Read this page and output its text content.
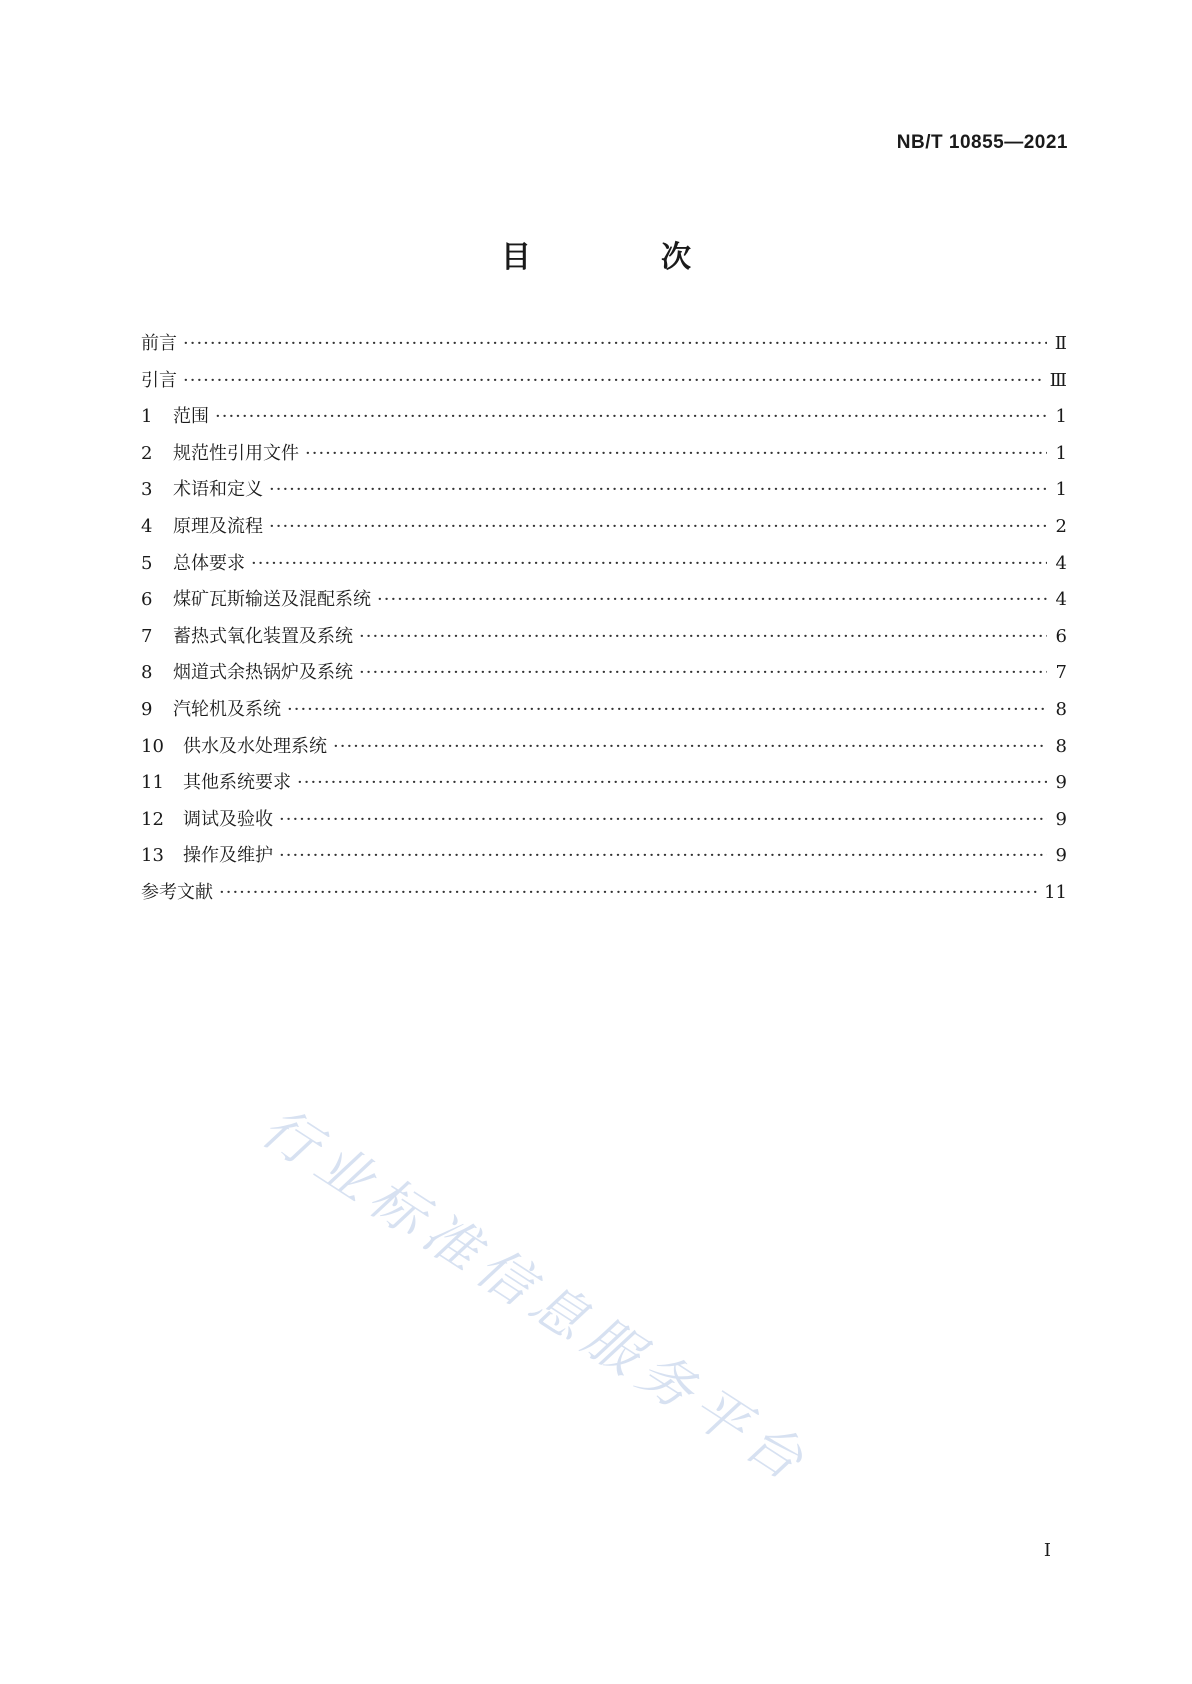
NB/T 10855—2021
目　次
前言 ·····	Ⅱ
引言 ·····	Ⅲ
1	范围 ·····	1
2	规范性引用文件 ·····	1
3	术语和定义 ·····	1
4	原理及流程 ·····	2
5	总体要求 ·····	4
6	煤矿瓦斯输送及混配系统 ·····	4
7	蓄热式氧化装置及系统 ·····	6
8	烟道式余热锅炉及系统 ·····	7
9	汽轮机及系统 ·····	8
10	供水及水处理系统 ·····	8
11	其他系统要求 ·····	9
12	调试及验收 ·····	9
13	操作及维护 ·····	9
参考文献 ·····	11
行业标准信息服务平台
I
